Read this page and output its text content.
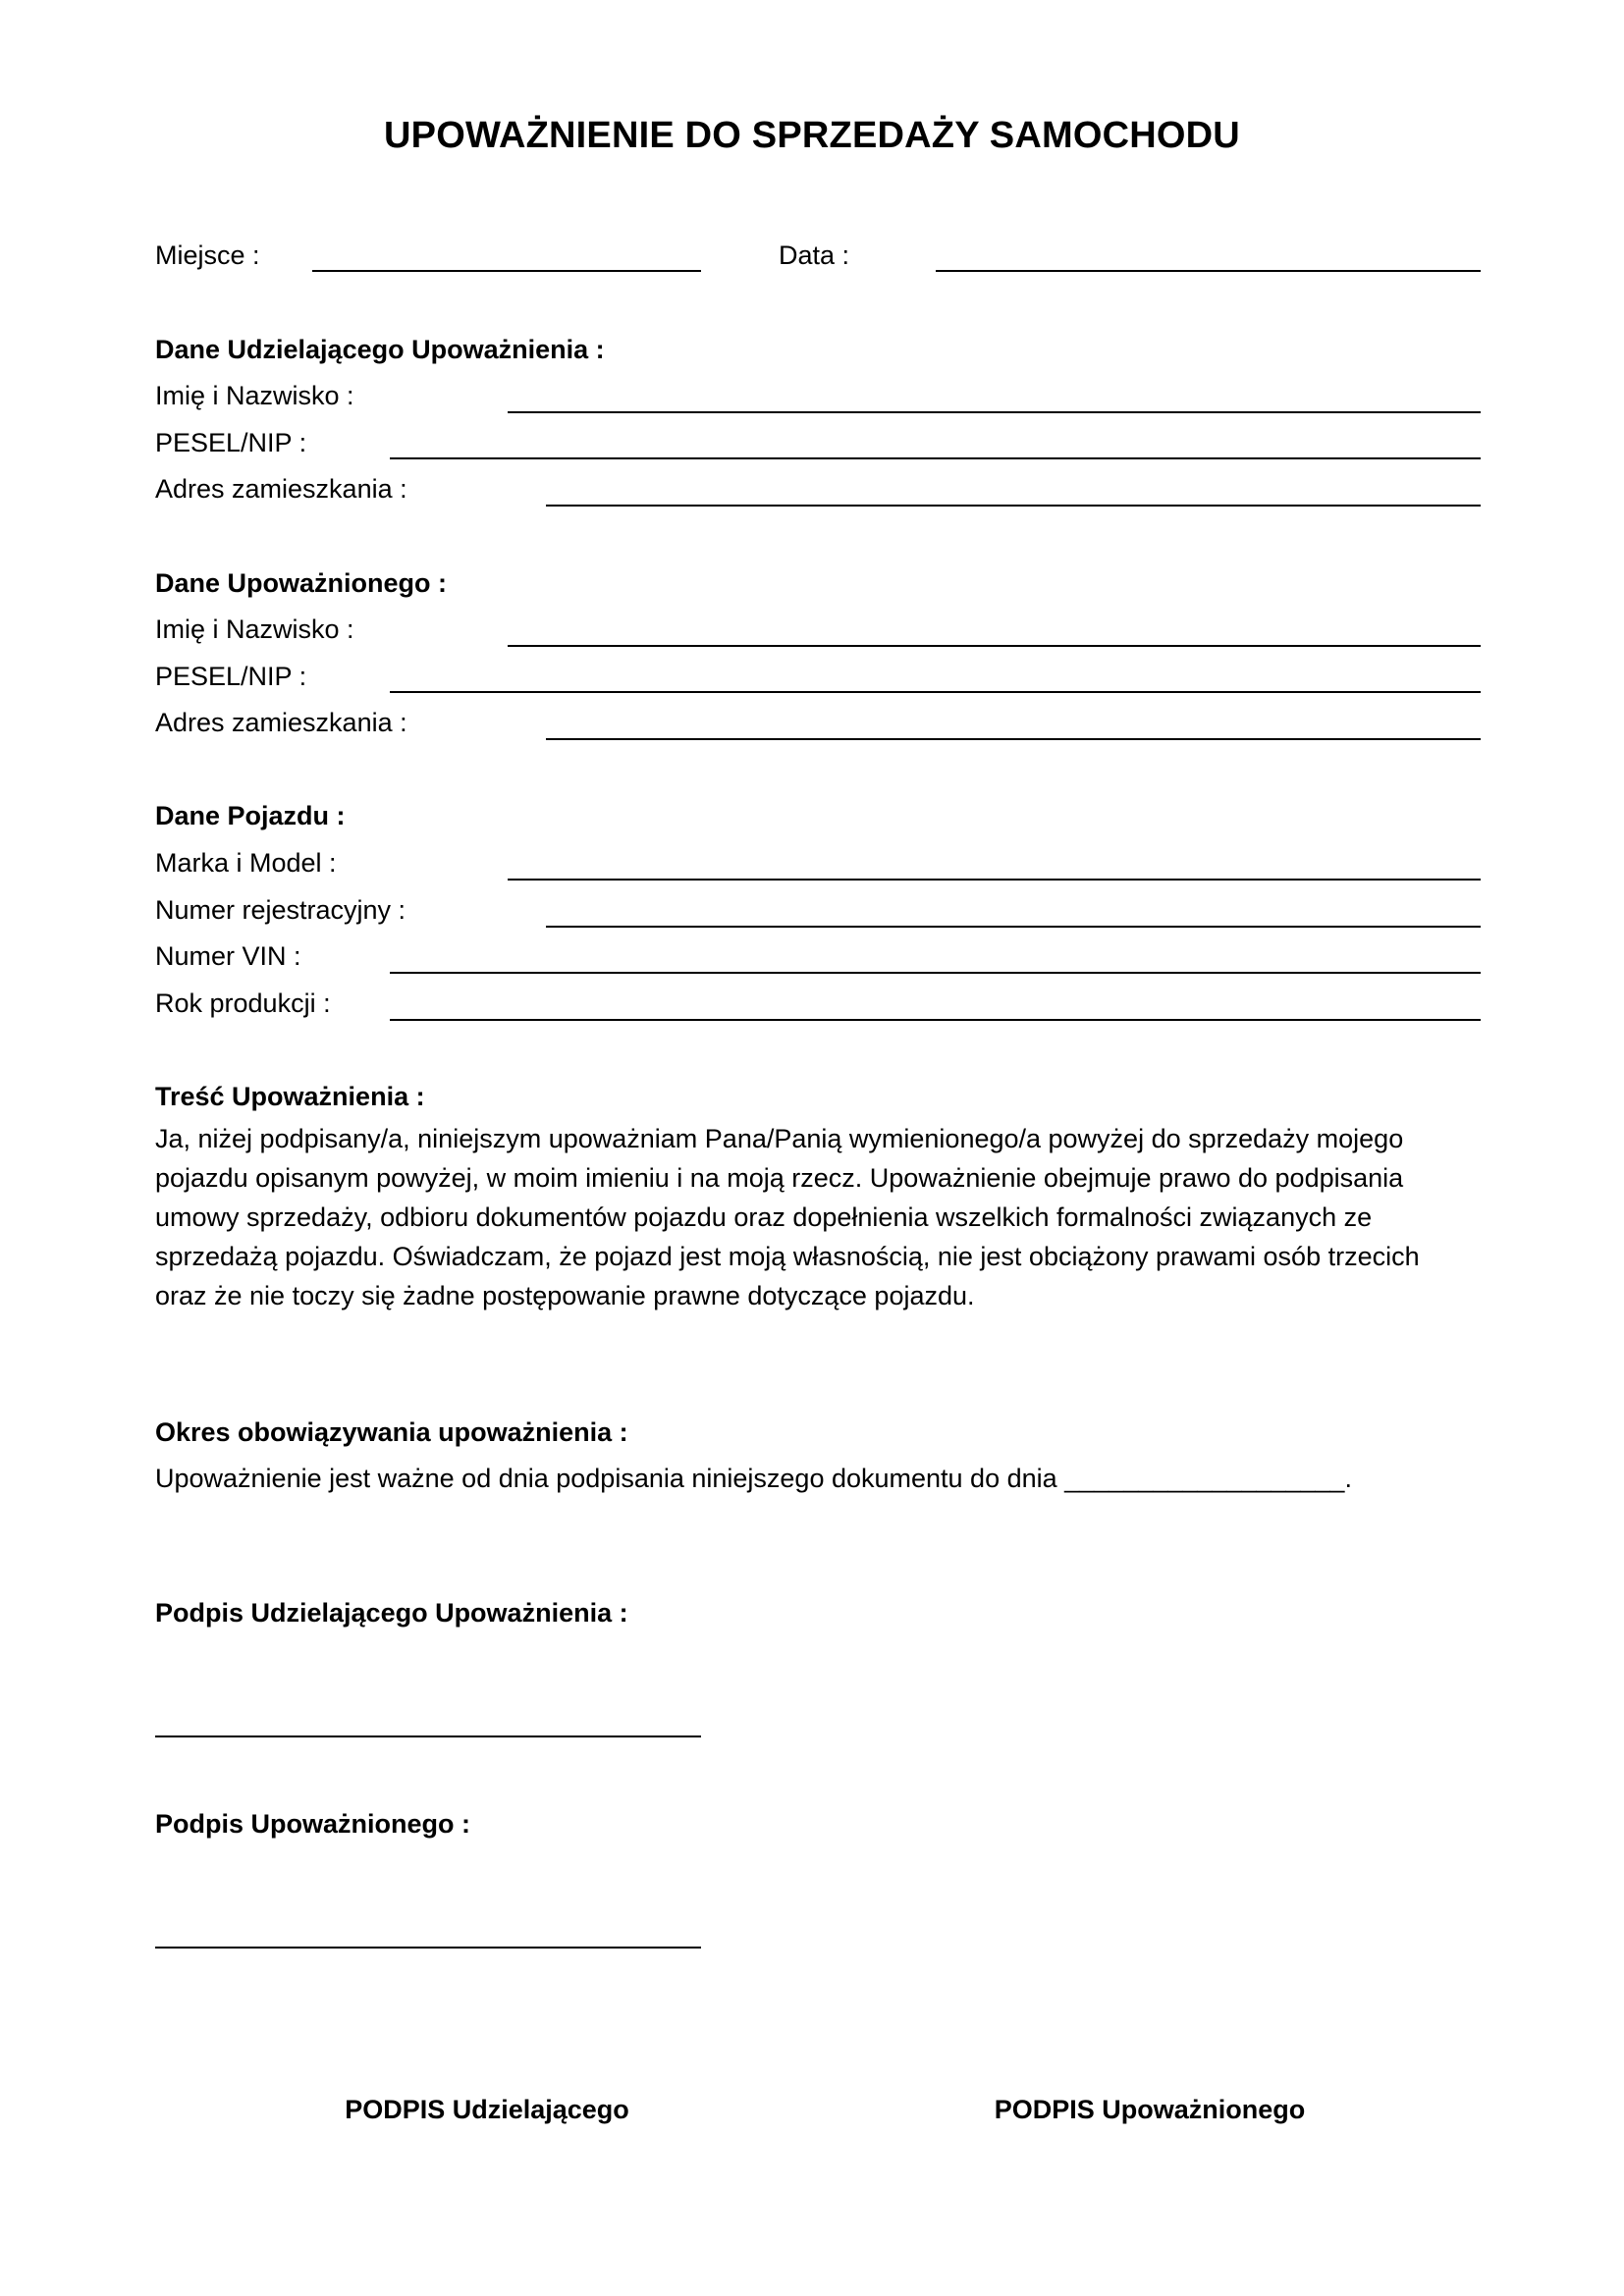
UPOWAŻNIENIE DO SPRZEDAŻY SAMOCHODU
Miejsce :	Data :
Dane Udzielającego Upoważnienia :
Imię i Nazwisko :
PESEL/NIP :
Adres zamieszkania :
Dane Upoważnionego :
Imię i Nazwisko :
PESEL/NIP :
Adres zamieszkania :
Dane Pojazdu :
Marka i Model :
Numer rejestracyjny :
Numer VIN :
Rok produkcji :
Treść Upoważnienia :
Ja, niżej podpisany/a, niniejszym upoważniam Pana/Panią wymienionego/a powyżej do sprzedaży mojego
pojazdu opisanym powyżej, w moim imieniu i na moją rzecz. Upoważnienie obejmuje prawo do podpisania
umowy sprzedaży, odbioru dokumentów pojazdu oraz dopełnienia wszelkich formalności związanych ze
sprzedażą pojazdu. Oświadczam, że pojazd jest moją własnością, nie jest obciążony prawami osób trzecich
oraz że nie toczy się żadne postępowanie prawne dotyczące pojazdu.
Okres obowiązywania upoważnienia :
Upoważnienie jest ważne od dnia podpisania niniejszego dokumentu do dnia ___________________.
Podpis Udzielającego Upoważnienia :
Podpis Upoważnionego :
PODPIS Udzielającego	PODPIS Upoważnionego
